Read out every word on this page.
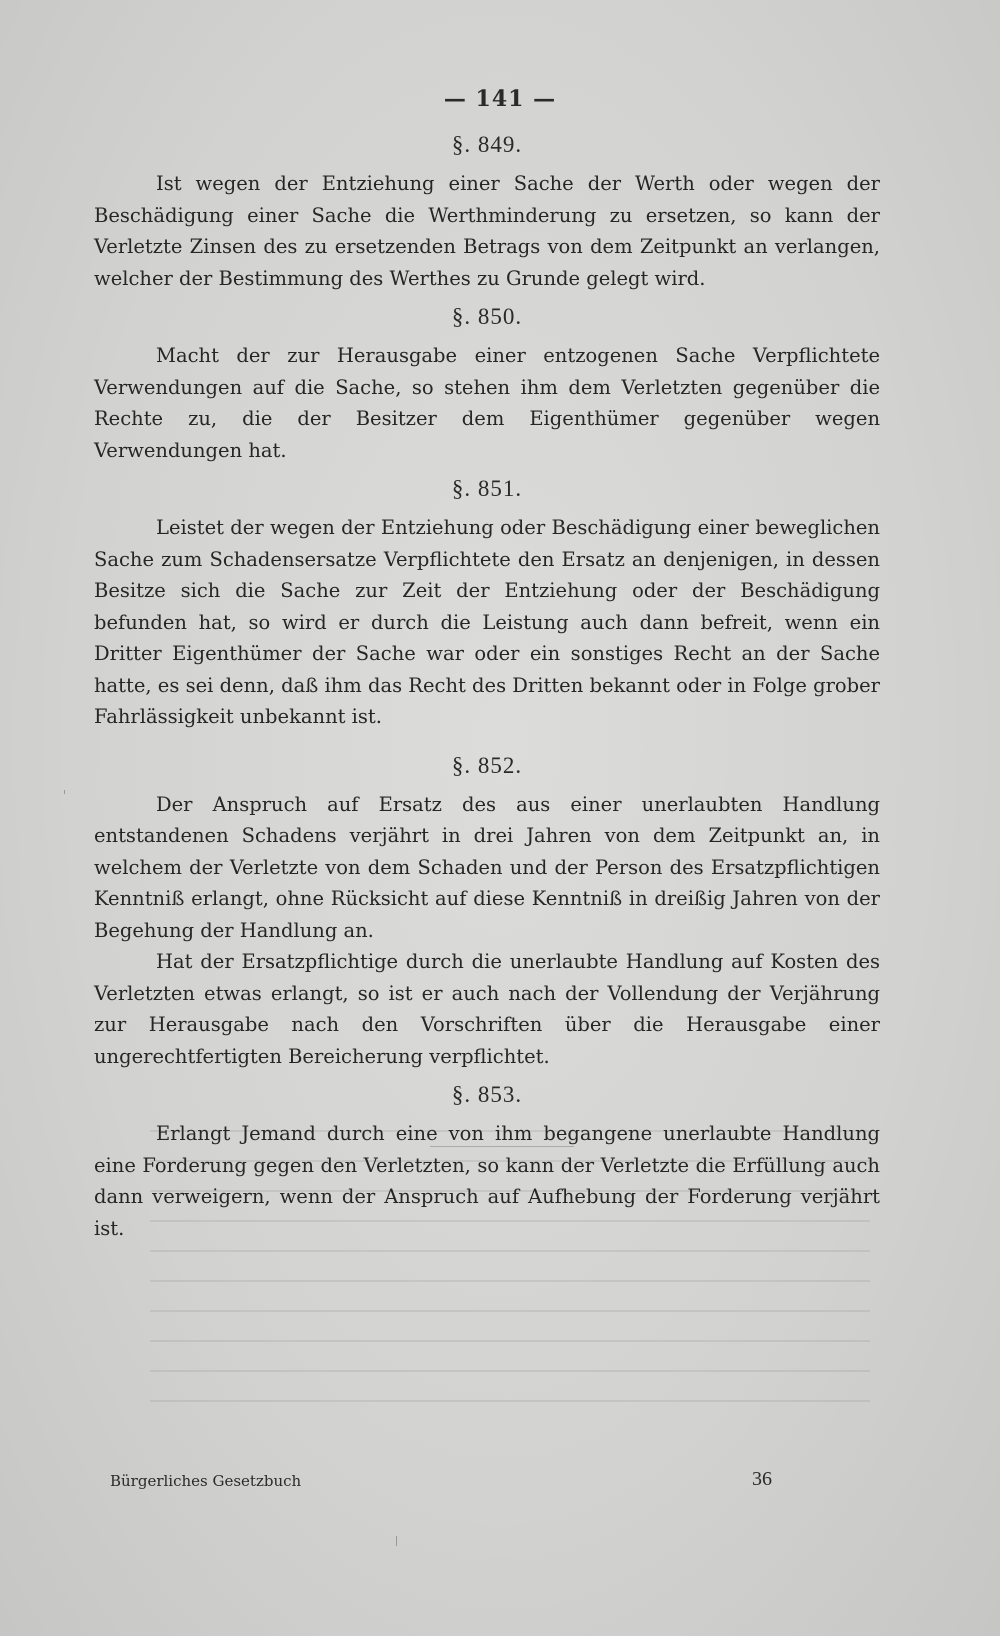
— 141 —
§. 849.

Ist wegen der Entziehung einer Sache der Werth oder wegen der Beschädigung einer Sache die Werthminderung zu ersetzen, so kann der Verletzte Zinsen des zu ersetzenden Betrags von dem Zeitpunkt an verlangen, welcher der Bestimmung des Werthes zu Grunde gelegt wird.

§. 850.

Macht der zur Herausgabe einer entzogenen Sache Verpflichtete Verwendungen auf die Sache, so stehen ihm dem Verletzten gegenüber die Rechte zu, die der Besitzer dem Eigenthümer gegenüber wegen Verwendungen hat.

§. 851.

Leistet der wegen der Entziehung oder Beschädigung einer beweglichen Sache zum Schadensersatze Verpflichtete den Ersatz an denjenigen, in dessen Besitze sich die Sache zur Zeit der Entziehung oder der Beschädigung befunden hat, so wird er durch die Leistung auch dann befreit, wenn ein Dritter Eigenthümer der Sache war oder ein sonstiges Recht an der Sache hatte, es sei denn, daß ihm das Recht des Dritten bekannt oder in Folge grober Fahrlässigkeit unbekannt ist.

§. 852.

Der Anspruch auf Ersatz des aus einer unerlaubten Handlung entstandenen Schadens verjährt in drei Jahren von dem Zeitpunkt an, in welchem der Verletzte von dem Schaden und der Person des Ersatzpflichtigen Kenntniß erlangt, ohne Rücksicht auf diese Kenntniß in dreißig Jahren von der Begehung der Handlung an.

Hat der Ersatzpflichtige durch die unerlaubte Handlung auf Kosten des Verletzten etwas erlangt, so ist er auch nach der Vollendung der Verjährung zur Herausgabe nach den Vorschriften über die Herausgabe einer ungerechtfertigten Bereicherung verpflichtet.

§. 853.

Erlangt Jemand durch eine von ihm begangene unerlaubte Handlung eine Forderung gegen den Verletzten, so kann der Verletzte die Erfüllung auch dann verweigern, wenn der Anspruch auf Aufhebung der Forderung verjährt ist.

Bürgerliches Gesetzbuch	36
